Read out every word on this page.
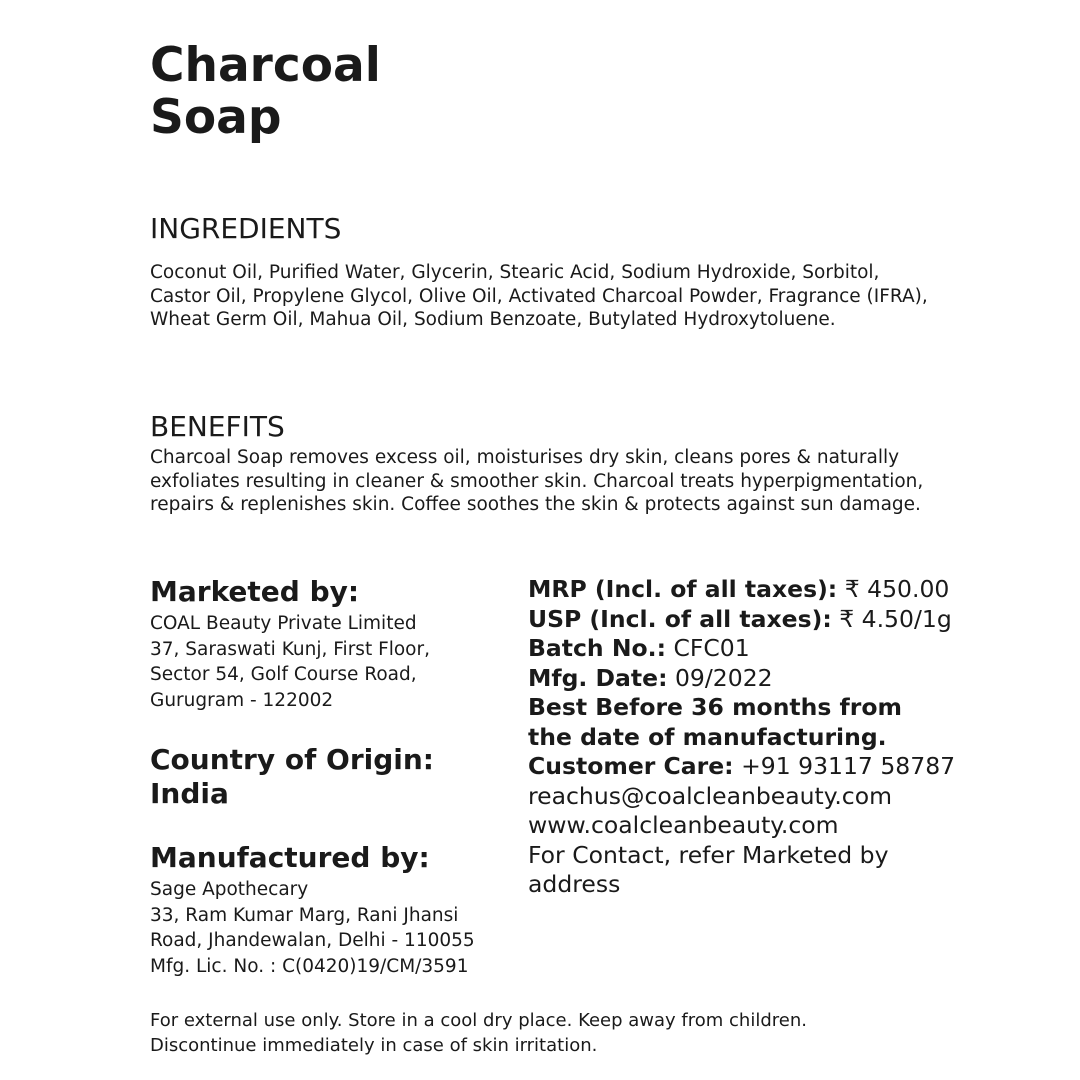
Charcoal
Soap
INGREDIENTS

Coconut Oil, Purified Water, Glycerin, Stearic Acid, Sodium Hydroxide, Sorbitol,
Castor Oil, Propylene Glycol, Olive Oil, Activated Charcoal Powder, Fragrance (IFRA),
Wheat Germ Oil, Mahua Oil, Sodium Benzoate, Butylated Hydroxytoluene.

BENEFITS

Charcoal Soap removes excess oil, moisturises dry skin, cleans pores & naturally
exfoliates resulting in cleaner & smoother skin. Charcoal treats hyperpigmentation,
repairs & replenishes skin. Coffee soothes the skin & protects against sun damage.

Marketed by:

COAL Beauty Private Limited
37, Saraswati Kunj, First Floor,
Sector 54, Golf Course Road,
Gurugram - 122002

Country of Origin: India
Manufactured by:

Sage Apothecary
33, Ram Kumar Marg, Rani Jhansi
Road, Jhandewalan, Delhi - 110055
Mfg. Lic. No. : C(0420)19/CM/3591

MRP (Incl. of all taxes): ₹ 450.00
USP (Incl. of all taxes): ₹ 4.50/1g
Batch No.: CFC01
Mfg. Date: 09/2022
Best Before 36 months from
the date of manufacturing.
Customer Care: +91 93117 58787
reachus@coalcleanbeauty.com
www.coalcleanbeauty.com
For Contact, refer Marketed by
address

For external use only. Store in a cool dry place. Keep away from children.
Discontinue immediately in case of skin irritation.
